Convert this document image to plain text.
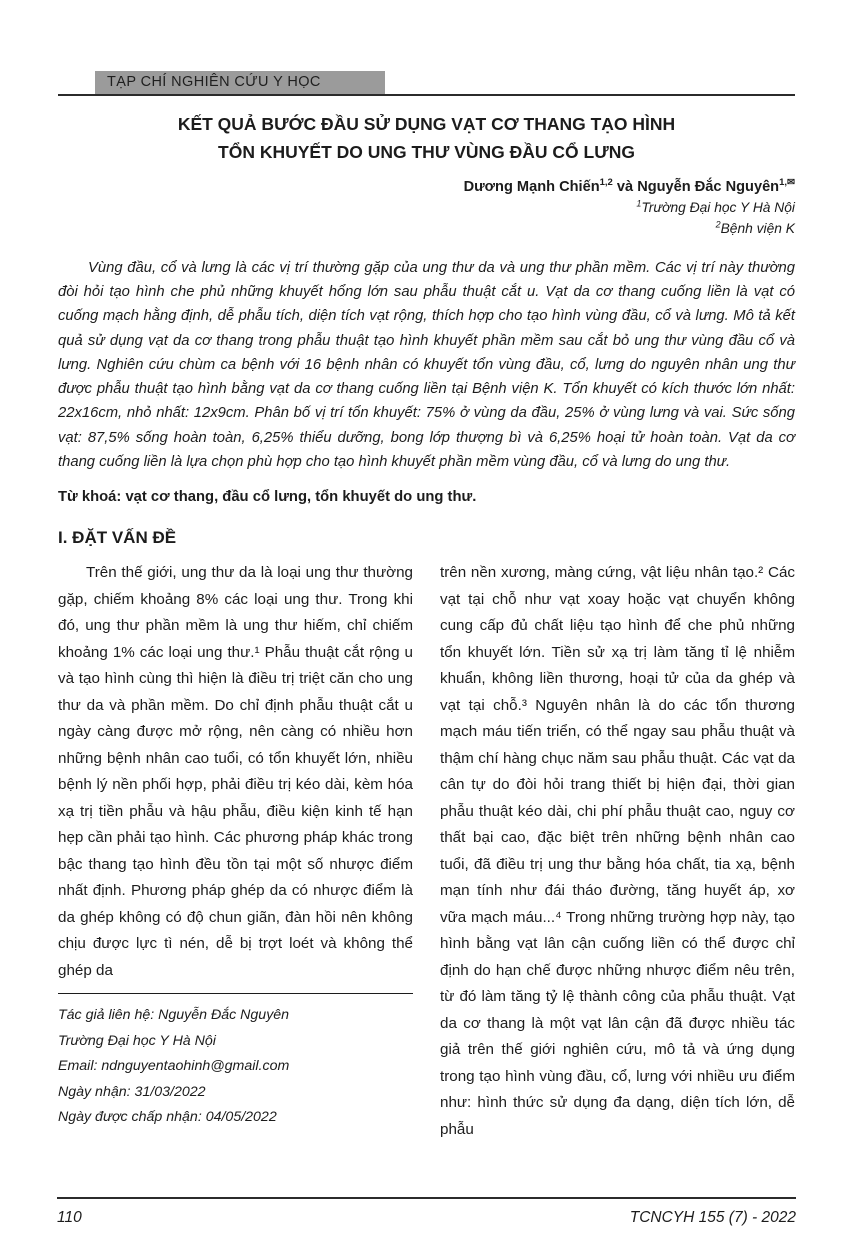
TẠP CHÍ NGHIÊN CỨU Y HỌC
KẾT QUẢ BƯỚC ĐẦU SỬ DỤNG VẠT CƠ THANG TẠO HÌNH
TỔN KHUYẾT DO UNG THƯ VÙNG ĐẦU CỔ LƯNG
Dương Mạnh Chiến$^{1,2}$ và Nguyễn Đắc Nguyên$^{1,✉}$
$^1$Trường Đại học Y Hà Nội
$^2$Bệnh viện K

Vùng đầu, cổ và lưng là các vị trí thường gặp của ung thư da và ung thư phần mềm. Các vị trí này thường đòi hỏi tạo hình che phủ những khuyết hổng lớn sau phẫu thuật cắt u. Vạt da cơ thang cuống liền là vạt có cuống mạch hằng định, dễ phẫu tích, diện tích vạt rộng, thích hợp cho tạo hình vùng đầu, cổ và lưng. Mô tả kết quả sử dụng vạt da cơ thang trong phẫu thuật tạo hình khuyết phần mềm sau cắt bỏ ung thư vùng đầu cổ và lưng. Nghiên cứu chùm ca bệnh với 16 bệnh nhân có khuyết tổn vùng đầu, cổ, lưng do nguyên nhân ung thư được phẫu thuật tạo hình bằng vạt da cơ thang cuống liền tại Bệnh viện K. Tổn khuyết có kích thước lớn nhất: 22x16cm, nhỏ nhất: 12x9cm. Phân bố vị trí tổn khuyết: 75% ở vùng da đầu, 25% ở vùng lưng và vai. Sức sống vạt: 87,5% sống hoàn toàn, 6,25% thiểu dưỡng, bong lớp thượng bì và 6,25% hoại tử hoàn toàn. Vạt da cơ thang cuống liền là lựa chọn phù hợp cho tạo hình khuyết phần mềm vùng đầu, cổ và lưng do ung thư.

Từ khoá: vạt cơ thang, đầu cổ lưng, tổn khuyết do ung thư.
I. ĐẶT VẤN ĐỀ

Trên thế giới, ung thư da là loại ung thư thường gặp, chiếm khoảng 8% các loại ung thư. Trong khi đó, ung thư phần mềm là ung thư hiếm, chỉ chiếm khoảng 1% các loại ung thư.¹ Phẫu thuật cắt rộng u và tạo hình cùng thì hiện là điều trị triệt căn cho ung thư da và phần mềm. Do chỉ định phẫu thuật cắt u ngày càng được mở rộng, nên càng có nhiều hơn những bệnh nhân cao tuổi, có tổn khuyết lớn, nhiều bệnh lý nền phối hợp, phải điều trị kéo dài, kèm hóa xạ trị tiền phẫu và hậu phẫu, điều kiện kinh tế hạn hẹp cần phải tạo hình. Các phương pháp khác trong bậc thang tạo hình đều tồn tại một số nhược điểm nhất định. Phương pháp ghép da có nhược điểm là da ghép không có độ chun giãn, đàn hồi nên không chịu được lực tì nén, dễ bị trợt loét và không thể ghép da

Tác giả liên hệ: Nguyễn Đắc Nguyên
Trường Đại học Y Hà Nội
Email: ndnguyentaohinh@gmail.com
Ngày nhận: 31/03/2022
Ngày được chấp nhận: 04/05/2022

trên nền xương, màng cứng, vật liệu nhân tạo.² Các vạt tại chỗ như vạt xoay hoặc vạt chuyển không cung cấp đủ chất liệu tạo hình để che phủ những tổn khuyết lớn. Tiền sử xạ trị làm tăng tỉ lệ nhiễm khuẩn, không liền thương, hoại tử của da ghép và vạt tại chỗ.³ Nguyên nhân là do các tổn thương mạch máu tiến triển, có thể ngay sau phẫu thuật và thậm chí hàng chục năm sau phẫu thuật. Các vạt da cân tự do đòi hỏi trang thiết bị hiện đại, thời gian phẫu thuật kéo dài, chi phí phẫu thuật cao, nguy cơ thất bại cao, đặc biệt trên những bệnh nhân cao tuổi, đã điều trị ung thư bằng hóa chất, tia xạ, bệnh mạn tính như đái tháo đường, tăng huyết áp, xơ vữa mạch máu...⁴ Trong những trường hợp này, tạo hình bằng vạt lân cận cuống liền có thể được chỉ định do hạn chế được những nhược điểm nêu trên, từ đó làm tăng tỷ lệ thành công của phẫu thuật. Vạt da cơ thang là một vạt lân cận đã được nhiều tác giả trên thế giới nghiên cứu, mô tả và ứng dụng trong tạo hình vùng đầu, cổ, lưng với nhiều ưu điểm như: hình thức sử dụng đa dạng, diện tích lớn, dễ phẫu

110	TCNCYH 155 (7) - 2022
